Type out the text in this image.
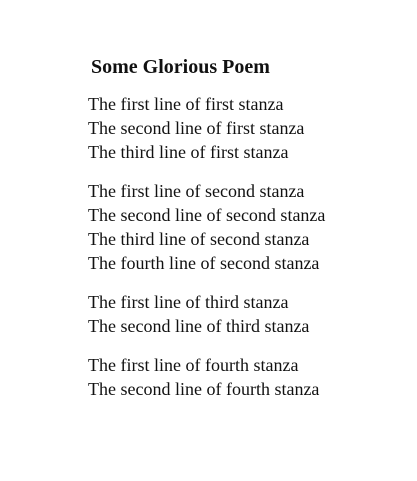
Some Glorious Poem
The first line of first stanza
The second line of first stanza
The third line of first stanza
The first line of second stanza
The second line of second stanza
The third line of second stanza
The fourth line of second stanza
The first line of third stanza
The second line of third stanza
The first line of fourth stanza
The second line of fourth stanza
